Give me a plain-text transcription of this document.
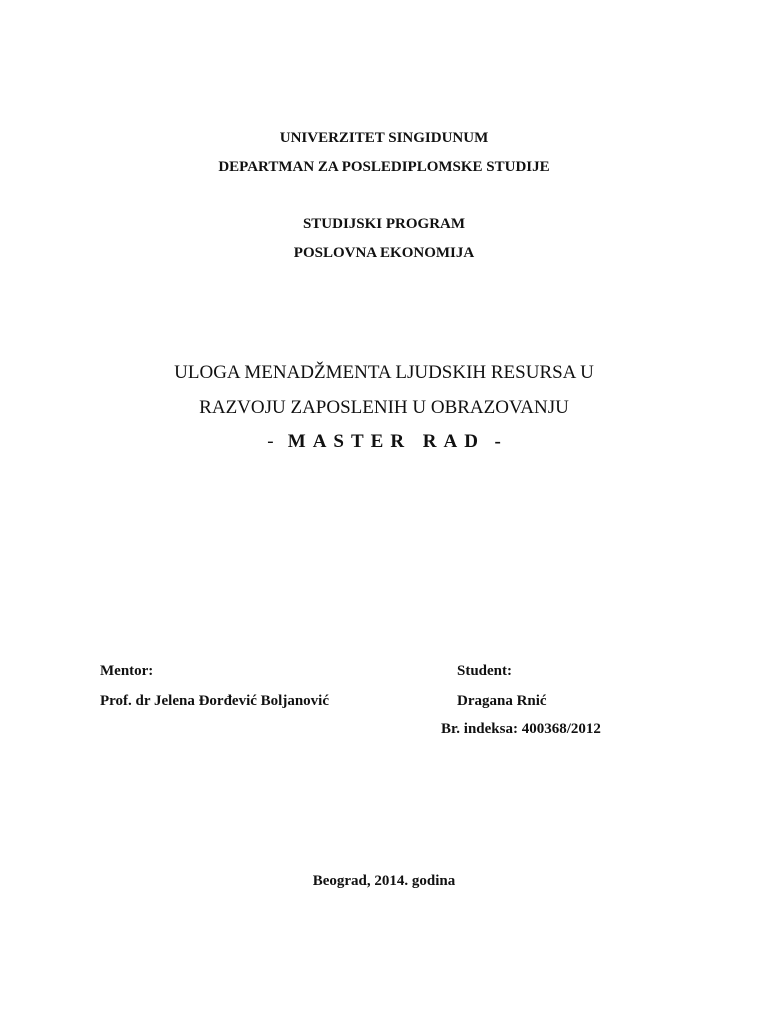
UNIVERZITET SINGIDUNUM
DEPARTMAN ZA POSLEDIPLOMSKE STUDIJE
STUDIJSKI PROGRAM
POSLOVNA EKONOMIJA
ULOGA MENADŽMENTA LJUDSKIH RESURSA U
RAZVOJU ZAPOSLENIH U OBRAZOVANJU
- MASTER RAD -
Mentor:
Prof. dr Jelena Đorđević Boljanović
Student:
Dragana Rnić
Br. indeksa: 400368/2012
Beograd, 2014. godina
